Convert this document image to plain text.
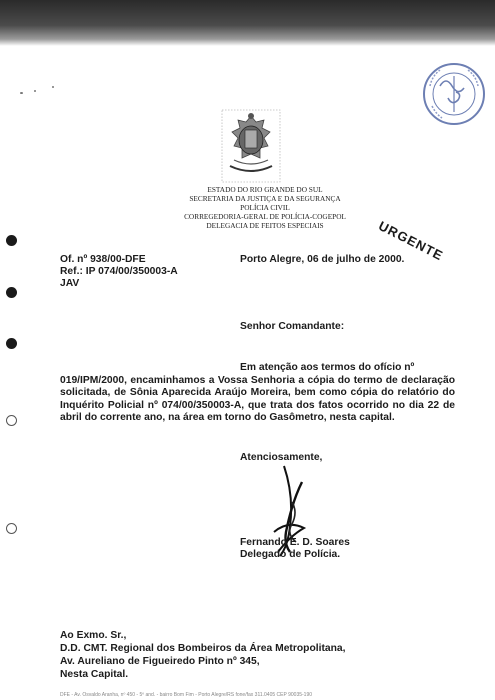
ESTADO DO RIO GRANDE DO SUL
SECRETARIA DA JUSTIÇA E DA SEGURANÇA
POLÍCIA CIVIL
CORREGEDORIA-GERAL DE POLÍCIA-COGEPOL
DELEGACIA DE FEITOS ESPECIAIS	URGENTE
Of. nº 938/00-DFE
Ref.: IP 074/00/350003-A
JAV
Porto Alegre, 06 de julho de 2000.
Senhor Comandante:
Em atenção aos termos do ofício nº
019/IPM/2000, encaminhamos a Vossa Senhoria a cópia do termo de declaração solicitada, de Sônia Aparecida Araújo Moreira, bem como cópia do relatório do Inquérito Policial nº 074/00/350003-A, que trata dos fatos ocorrido no dia 22 de abril do corrente ano, na área em torno do Gasômetro, nesta capital.
Atenciosamente,
Fernando E. D. Soares
Delegado de Polícia.
Ao Exmo. Sr.,
D.D. CMT. Regional dos Bombeiros da Área Metropolitana,
Av. Aureliano de Figueiredo Pinto nº 345,
Nesta Capital.
DFE - Av. Osvaldo Aranha, nº 450 - 5º and. - bairro Bom Fim - Porto Alegre/RS fone/fax 311.0405 CEP 90035-190
